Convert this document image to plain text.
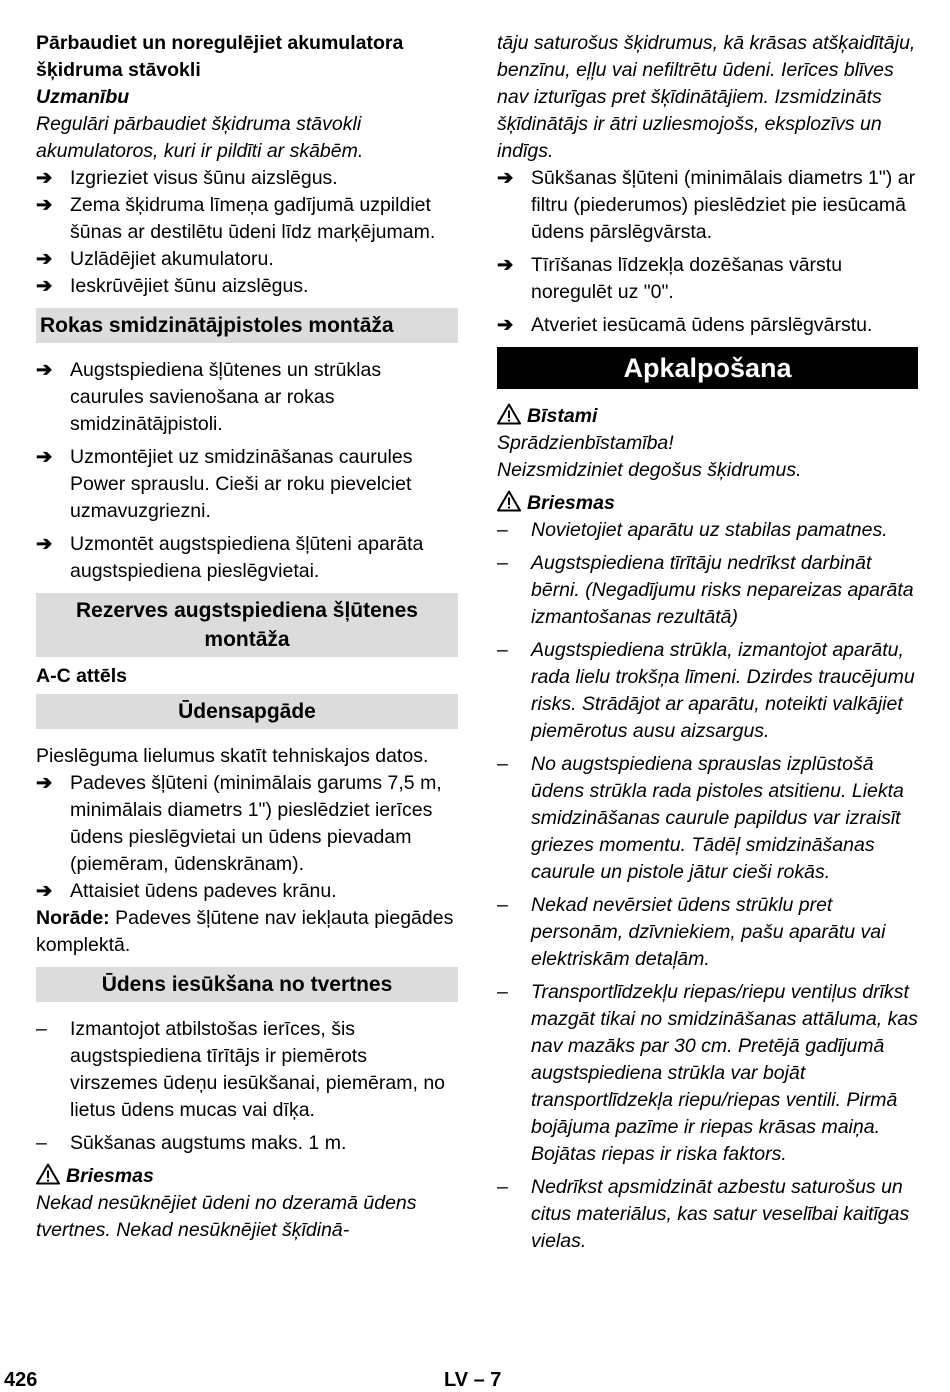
Pārbaudiet un noregulējiet akumulatora šķidruma stāvokli

Uzmanību

Regulāri pārbaudiet šķidruma stāvokli akumulatoros, kuri ir pildīti ar skābēm.

➔ Izgrieziet visus šūnu aizslēgus.
➔ Zema šķidruma līmeņa gadījumā uzpildiet šūnas ar destilētu ūdeni līdz marķējumam.
➔ Uzlādējiet akumulatoru.
➔ Ieskrūvējiet šūnu aizslēgus.
Rokas smidzinātājpistoles montāža
➔ Augstspiediena šļūtenes un strūklas caurules savienošana ar rokas smidzinātājpistoli.
➔ Uzmontējiet uz smidzināšanas caurules Power sprauslu. Cieši ar roku pievelciet uzmavuzgriezni.
➔ Uzmontēt augstspiediena šļūteni aparāta augstspiediena pieslēgvietai.
Rezerves augstspiediena šļūtenes montāža

A-C attēls

Ūdensapgāde

Pieslēguma lielumus skatīt tehniskajos datos.

➔ Padeves šļūteni (minimālais garums 7,5 m, minimālais diametrs 1") pieslēdziet ierīces ūdens pieslēgvietai un ūdens pievadam (piemēram, ūdenskrānam).
➔ Attaisiet ūdens padeves krānu.

Norāde: Padeves šļūtene nav iekļauta piegādes komplektā.

Ūdens iesūkšana no tvertnes
–	Izmantojot atbilstošas ierīces, šis augstspiediena tīrītājs ir piemērots virszemes ūdeņu iesūkšanai, piemēram, no lietus ūdens mucas vai dīķa.
–	Sūkšanas augstums maks. 1 m.

Briesmas

Nekad nesūknējiet ūdeni no dzeramā ūdens tvertnes. Nekad nesūknējiet šķīdinā-

tāju saturošus šķidrumus, kā krāsas atšķaidītāju, benzīnu, eļļu vai nefiltrētu ūdeni. Ierīces blīves nav izturīgas pret šķīdinātājiem. Izsmidzināts šķīdinātājs ir ātri uzliesmojošs, eksplozīvs un indīgs.

➔ Sūkšanas šļūteni (minimālais diametrs 1") ar filtru (piederumos) pieslēdziet pie iesūcamā ūdens pārslēgvārsta.
➔ Tīrīšanas līdzekļa dozēšanas vārstu noregulēt uz "0".
➔ Atveriet iesūcamā ūdens pārslēgvārstu.
Apkalpošana

Bīstami

Sprādzienbīstamība!

Neizsmidziniet degošus šķidrumus.

Briesmas

–	Novietojiet aparātu uz stabilas pamatnes.
–	Augstspiediena tīrītāju nedrīkst darbināt bērni. (Negadījumu risks nepareizas aparāta izmantošanas rezultātā)
–	Augstspiediena strūkla, izmantojot aparātu, rada lielu trokšņa līmeni. Dzirdes traucējumu risks. Strādājot ar aparātu, noteikti valkājiet piemērotus ausu aizsargus.
–	No augstspiediena sprauslas izplūstošā ūdens strūkla rada pistoles atsitienu. Liekta smidzināšanas caurule papildus var izraisīt griezes momentu. Tādēļ smidzināšanas caurule un pistole jātur cieši rokās.
–	Nekad nevērsiet ūdens strūklu pret personām, dzīvniekiem, pašu aparātu vai elektriskām detaļām.
–	Transportlīdzekļu riepas/riepu ventiļus drīkst mazgāt tikai no smidzināšanas attāluma, kas nav mazāks par 30 cm. Pretējā gadījumā augstspiediena strūkla var bojāt transportlīdzekļa riepu/riepas ventili. Pirmā bojājuma pazīme ir riepas krāsas maiņa. Bojātas riepas ir riska faktors.
–	Nedrīkst apsmidzināt azbestu saturošus un citus materiālus, kas satur veselībai kaitīgas vielas.
426	LV – 7
